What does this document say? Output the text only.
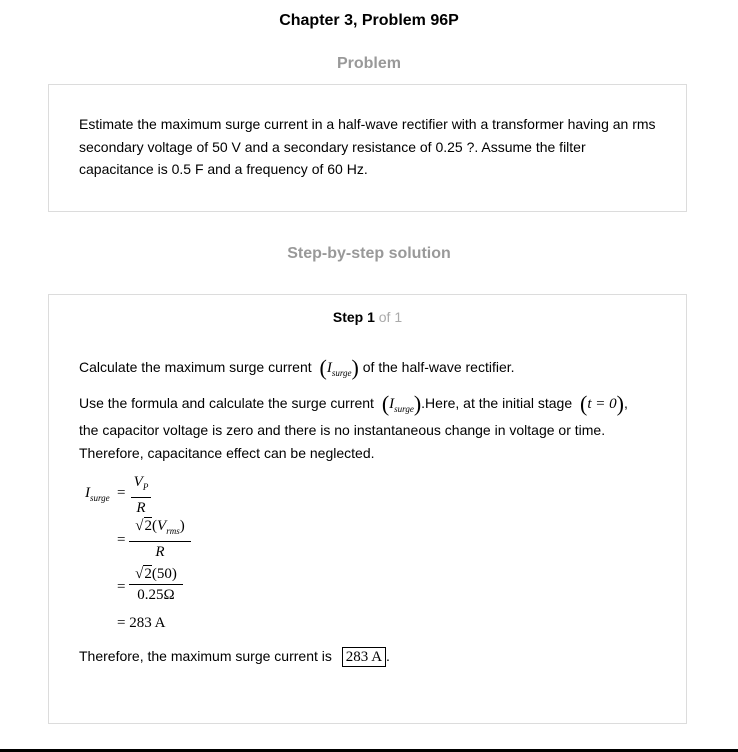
Chapter 3, Problem 96P
Problem
Estimate the maximum surge current in a half-wave rectifier with a transformer having an rms secondary voltage of 50 V and a secondary resistance of 0.25 ?. Assume the filter capacitance is 0.5 F and a frequency of 60 Hz.
Step-by-step solution
Step 1 of 1
Calculate the maximum surge current $(I_{surge})$ of the half-wave rectifier.
Use the formula and calculate the surge current $(I_{surge}).Here$, at the initial stage (t = 0),
the capacitor voltage is zero and there is no instantaneous change in voltage or time.
Therefore, capacitance effect can be neglected.
$I_{surge} = \frac{V_P}{R}$
=
$√2(V_{rms})$
R
= $\frac{√2(50)}{0.25\Omega}$
= 283 A
Therefore, the maximum surge current is 283 A .
